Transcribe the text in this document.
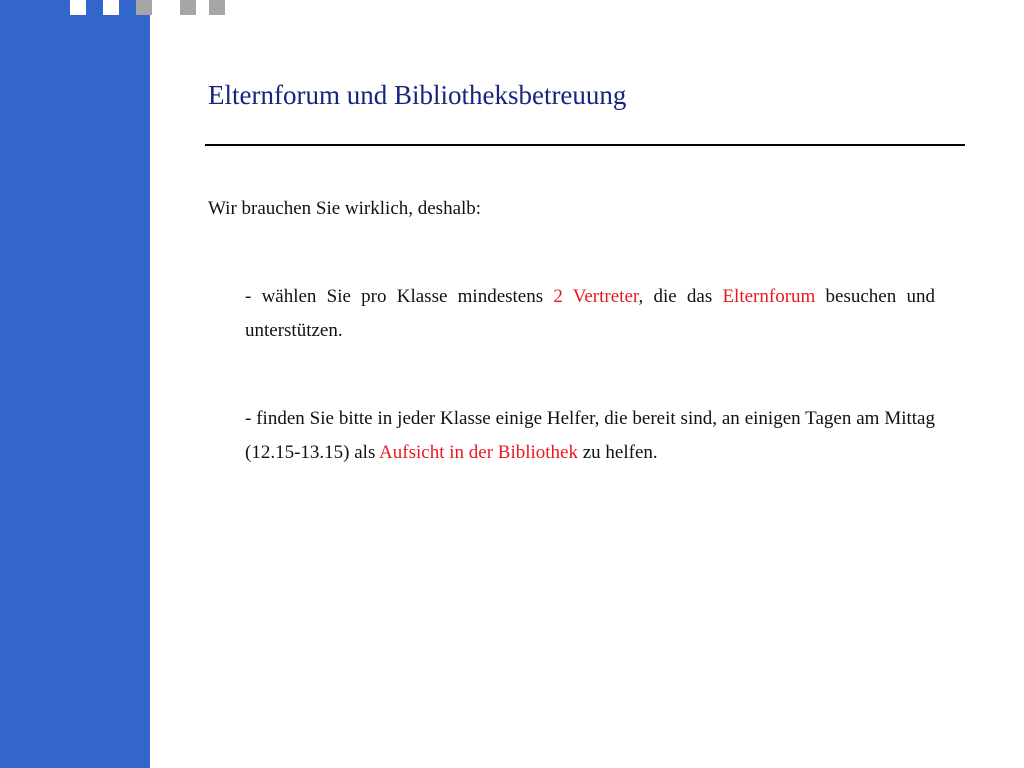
Elternforum und Bibliotheksbetreuung
Wir brauchen Sie wirklich, deshalb:
- wählen Sie pro Klasse mindestens 2 Vertreter, die das Elternforum besuchen und unterstützen.
- finden Sie bitte in jeder Klasse einige Helfer, die bereit sind, an einigen Tagen am Mittag (12.15-13.15) als Aufsicht in der Bibliothek zu helfen.
